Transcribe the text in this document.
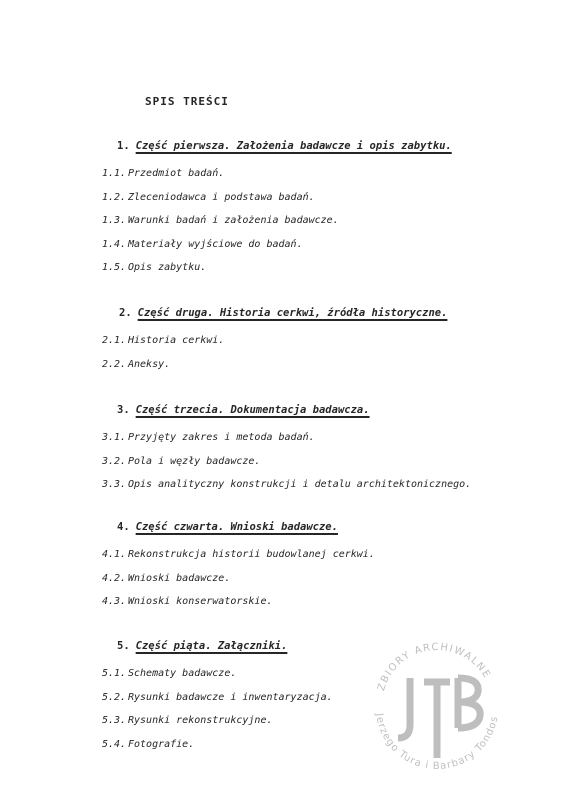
SPIS TREŚCI
1. Część pierwsza. Założenia badawcze i opis zabytku.
1.1. Przedmiot badań.
1.2. Zleceniodawca i podstawa badań.
1.3. Warunki badań i założenia badawcze.
1.4. Materiały wyjściowe do badań.
1.5. Opis zabytku.
2. Część druga. Historia cerkwi, źródła historyczne.
2.1. Historia cerkwi.
2.2. Aneksy.
3. Część trzecia. Dokumentacja badawcza.
3.1. Przyjęty zakres i metoda badań.
3.2. Pola i węzły badawcze.
3.3. Opis analityczny konstrukcji i detalu architektonicznego.
4. Część czwarta. Wnioski badawcze.
4.1. Rekonstrukcja historii budowlanej cerkwi.
4.2. Wnioski badawcze.
4.3. Wnioski konserwatorskie.
5. Część piąta. Załączniki.
5.1. Schematy badawcze.
5.2. Rysunki badawcze i inwentaryzacja.
5.3. Rysunki rekonstrukcyjne.
5.4. Fotografie.
ZBIORY ARCHIWALNE
Jerzego Tura i Barbary Tondos
